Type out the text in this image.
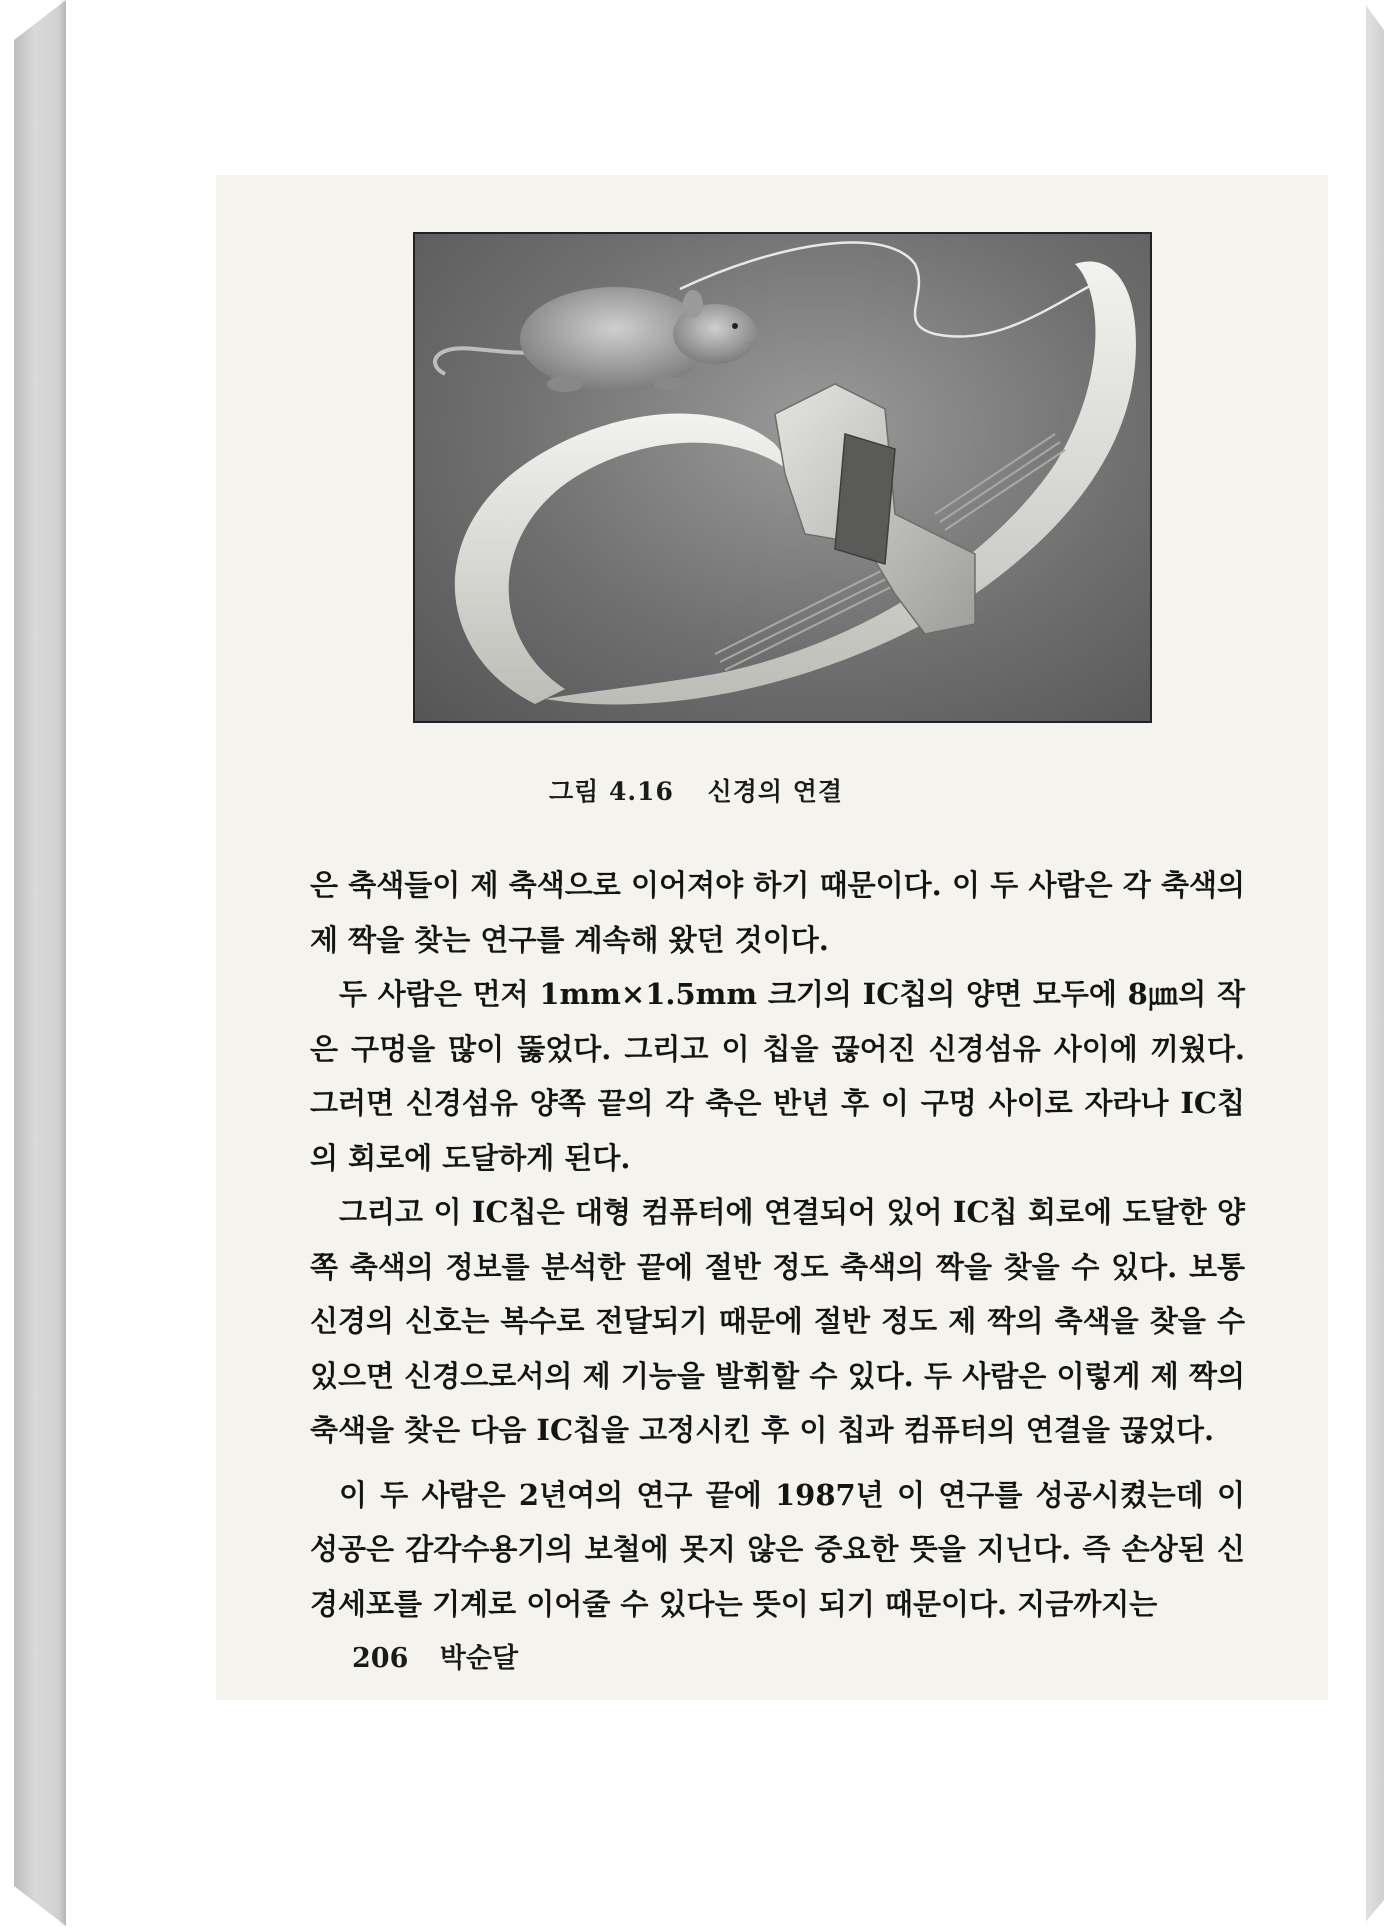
그림 4.16 신경의 연결

은 축색들이 제 축색으로 이어져야 하기 때문이다. 이 두 사람은 각 축색의 제 짝을 찾는 연구를 계속해 왔던 것이다.

두 사람은 먼저 1mm×1.5mm 크기의 IC칩의 양면 모두에 8㎛의 작은 구멍을 많이 뚫었다. 그리고 이 칩을 끊어진 신경섬유 사이에 끼웠다. 그러면 신경섬유 양쪽 끝의 각 축은 반년 후 이 구멍 사이로 자라나 IC칩의 회로에 도달하게 된다.

그리고 이 IC칩은 대형 컴퓨터에 연결되어 있어 IC칩 회로에 도달한 양쪽 축색의 정보를 분석한 끝에 절반 정도 축색의 짝을 찾을 수 있다. 보통 신경의 신호는 복수로 전달되기 때문에 절반 정도 제 짝의 축색을 찾을 수 있으면 신경으로서의 제 기능을 발휘할 수 있다. 두 사람은 이렇게 제 짝의 축색을 찾은 다음 IC칩을 고정시킨 후 이 칩과 컴퓨터의 연결을 끊었다.

이 두 사람은 2년여의 연구 끝에 1987년 이 연구를 성공시켰는데 이 성공은 감각수용기의 보철에 못지 않은 중요한 뜻을 지닌다. 즉 손상된 신경세포를 기계로 이어줄 수 있다는 뜻이 되기 때문이다. 지금까지는

206 박순달
